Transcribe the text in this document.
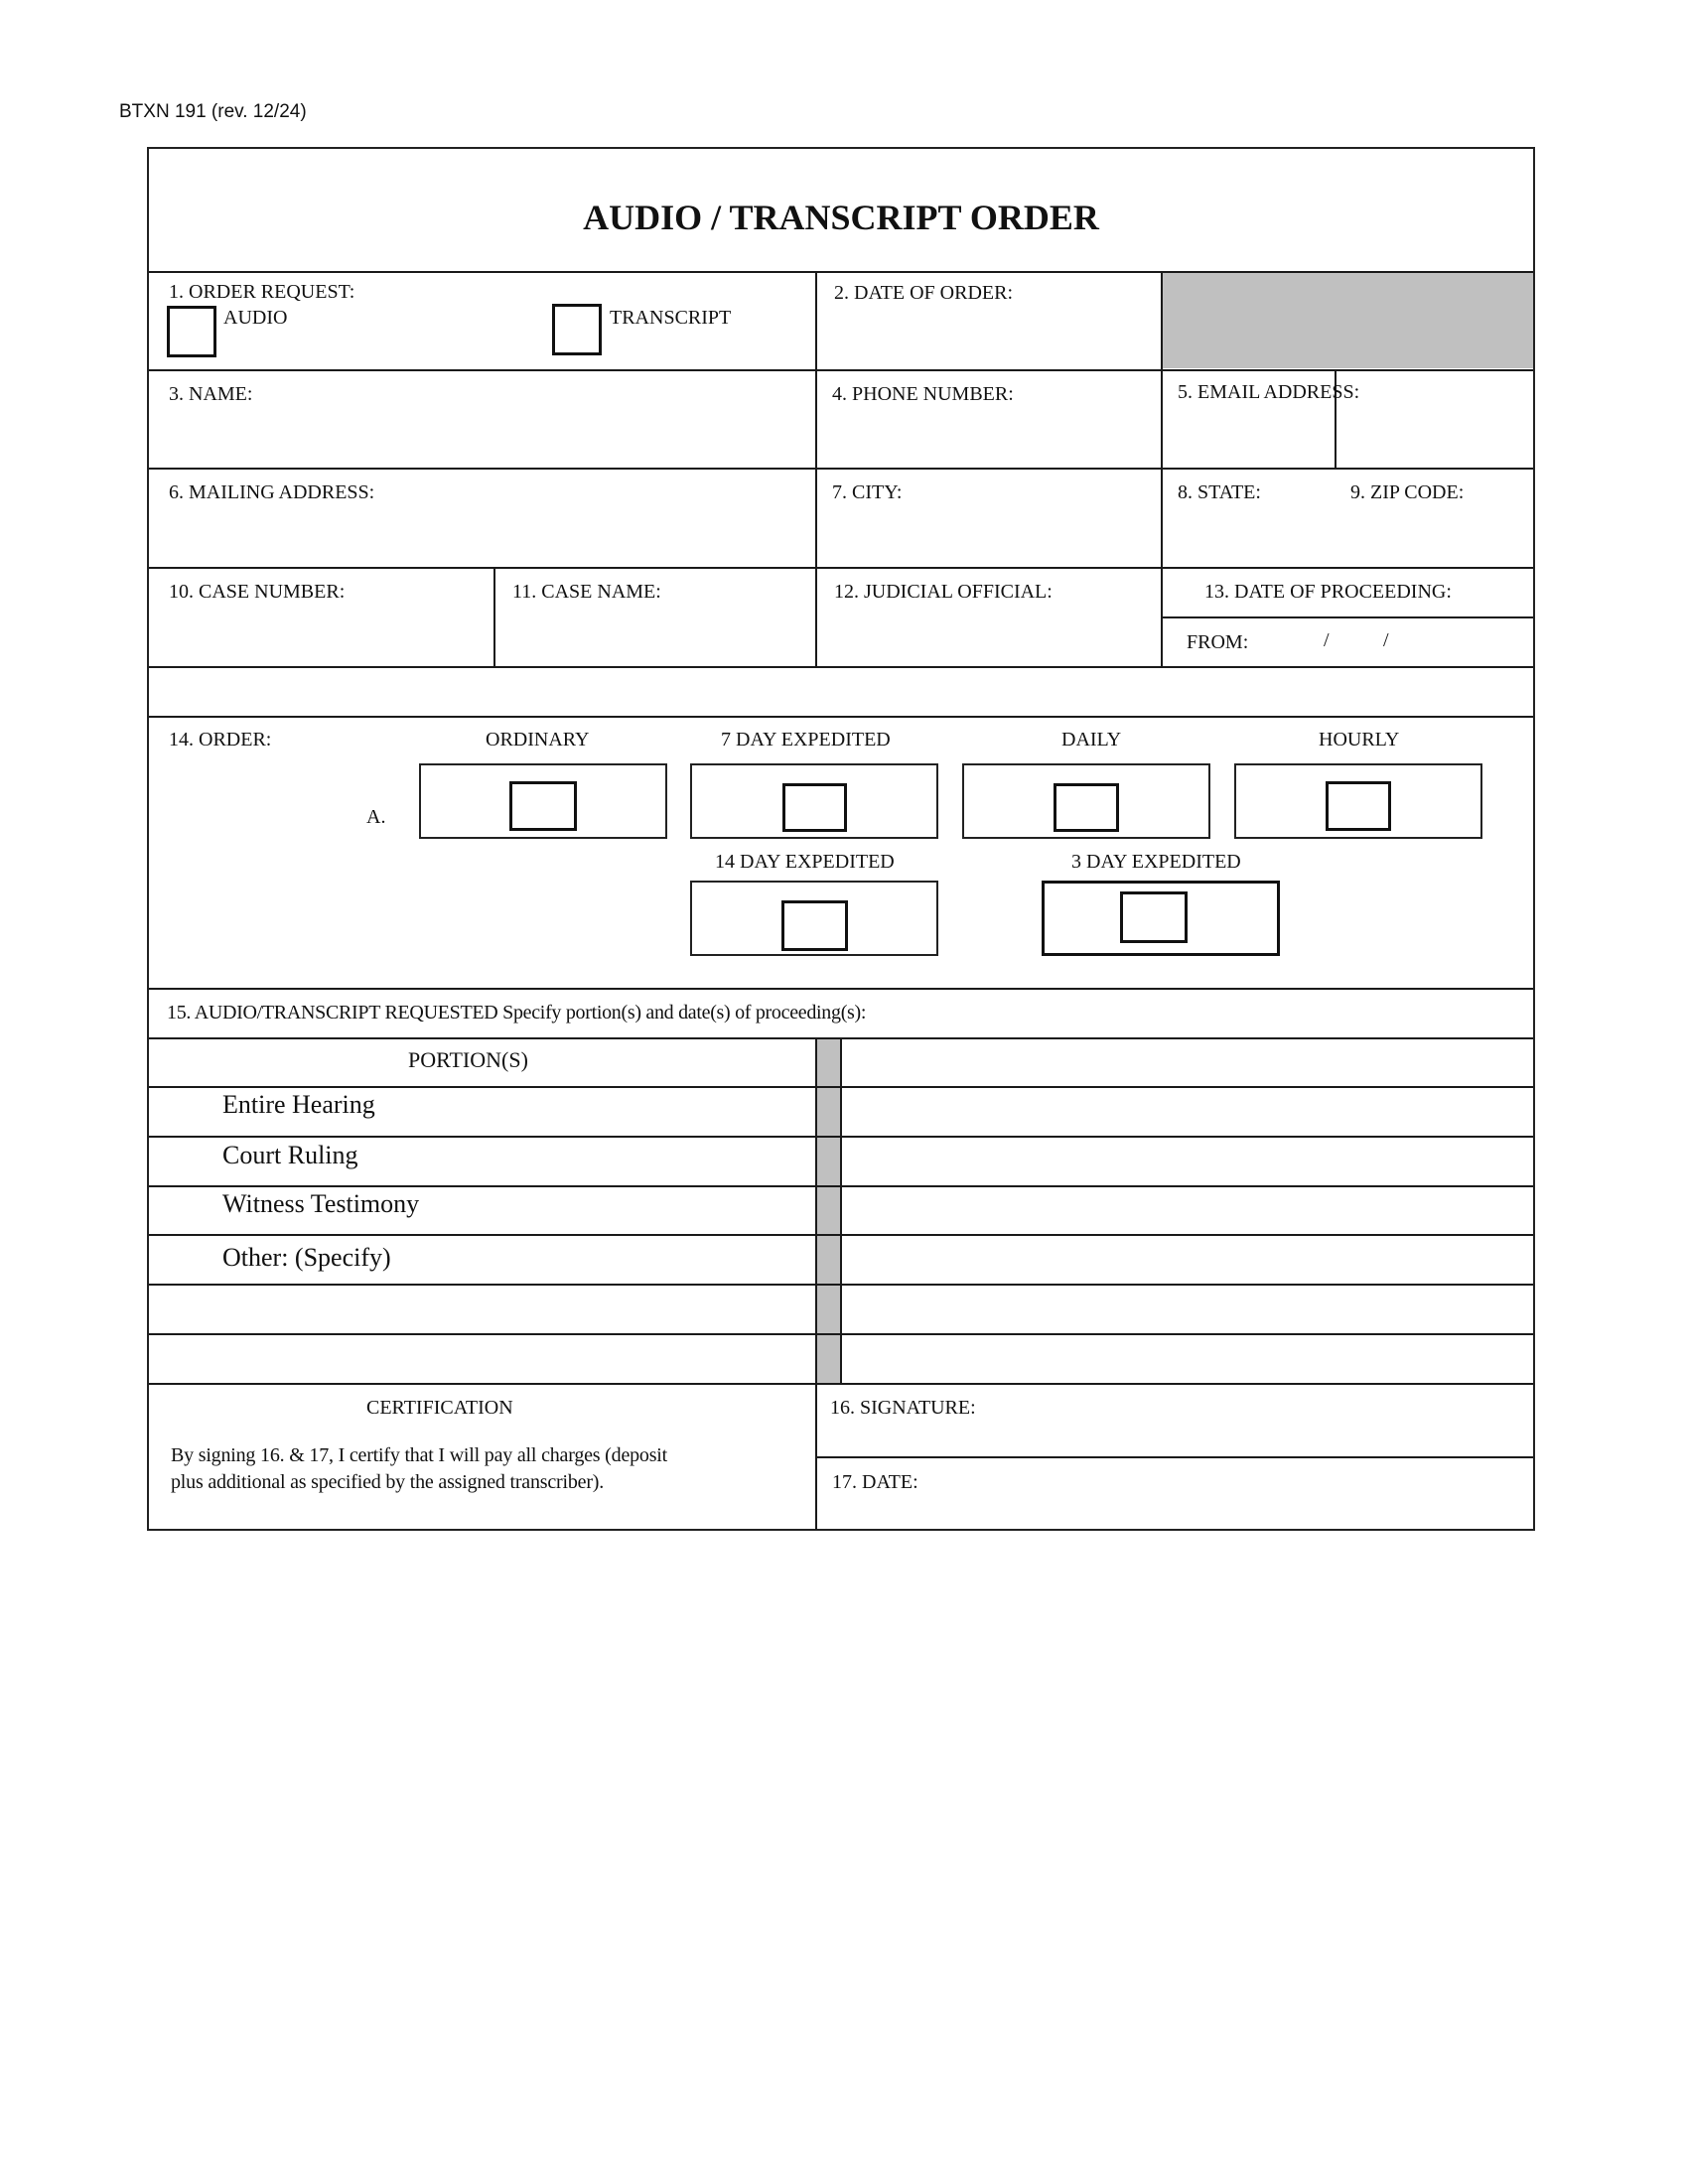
BTXN 191 (rev. 12/24)
AUDIO / TRANSCRIPT ORDER
1. ORDER REQUEST:
AUDIO	TRANSCRIPT
2. DATE OF ORDER:
3. NAME:	4. PHONE NUMBER:	5. EMAIL ADDRESS:
6. MAILING ADDRESS:	7. CITY:	8. STATE:	9. ZIP CODE:
10. CASE NUMBER:	11. CASE NAME:	12. JUDICIAL OFFICIAL:	13. DATE OF PROCEEDING:
FROM:	/	/
14. ORDER:	ORDINARY	7 DAY EXPEDITED	DAILY	HOURLY
A.
14 DAY EXPEDITED	3 DAY EXPEDITED
15. AUDIO/TRANSCRIPT REQUESTED Specify portion(s) and date(s) of proceeding(s):
PORTION(S)
Entire Hearing
Court Ruling
Witness Testimony
Other: (Specify)
CERTIFICATION
By signing 16. & 17, I certify that I will pay all charges (deposit
plus additional as specified by the assigned transcriber).
16. SIGNATURE:
17. DATE:
